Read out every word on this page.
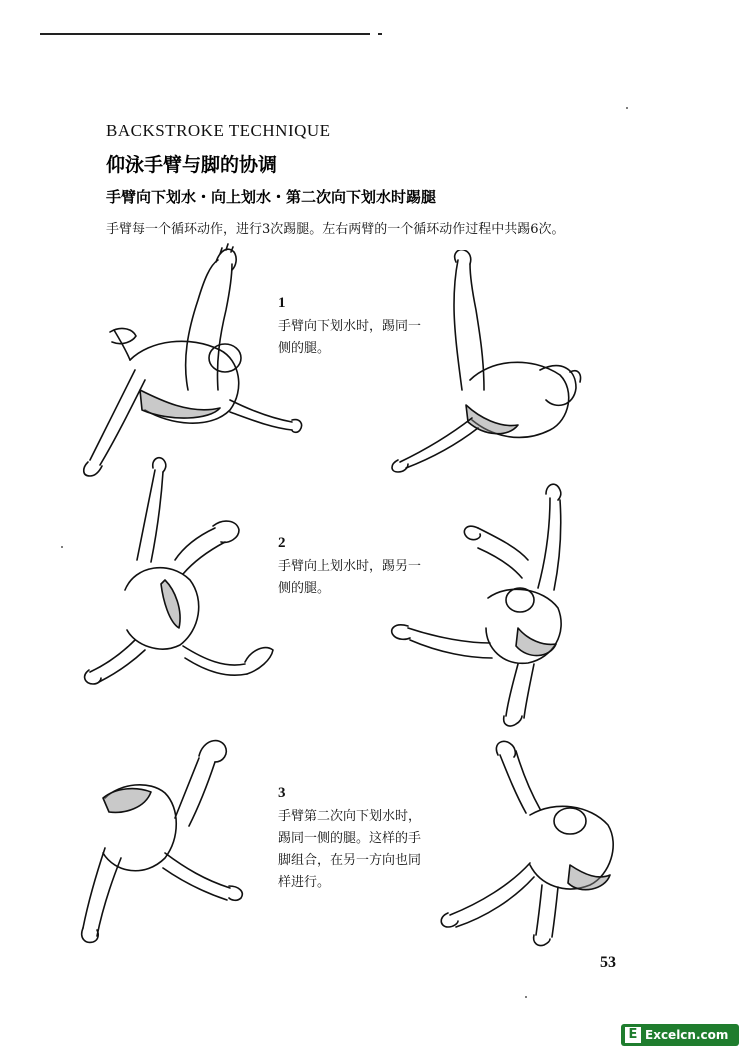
BACKSTROKE TECHNIQUE
仰泳手臂与脚的协调
手臂向下划水・向上划水・第二次向下划水时踢腿
手臂每一个循环动作，进行3次踢腿。左右两臂的一个循环动作过程中共踢6次。
1
手臂向下划水时，踢同一
侧的腿。
2
手臂向上划水时，踢另一
侧的腿。
3
手臂第二次向下划水时，
踢同一侧的腿。这样的手
脚组合，在另一方向也同
样进行。
53
E Excelcn.com
